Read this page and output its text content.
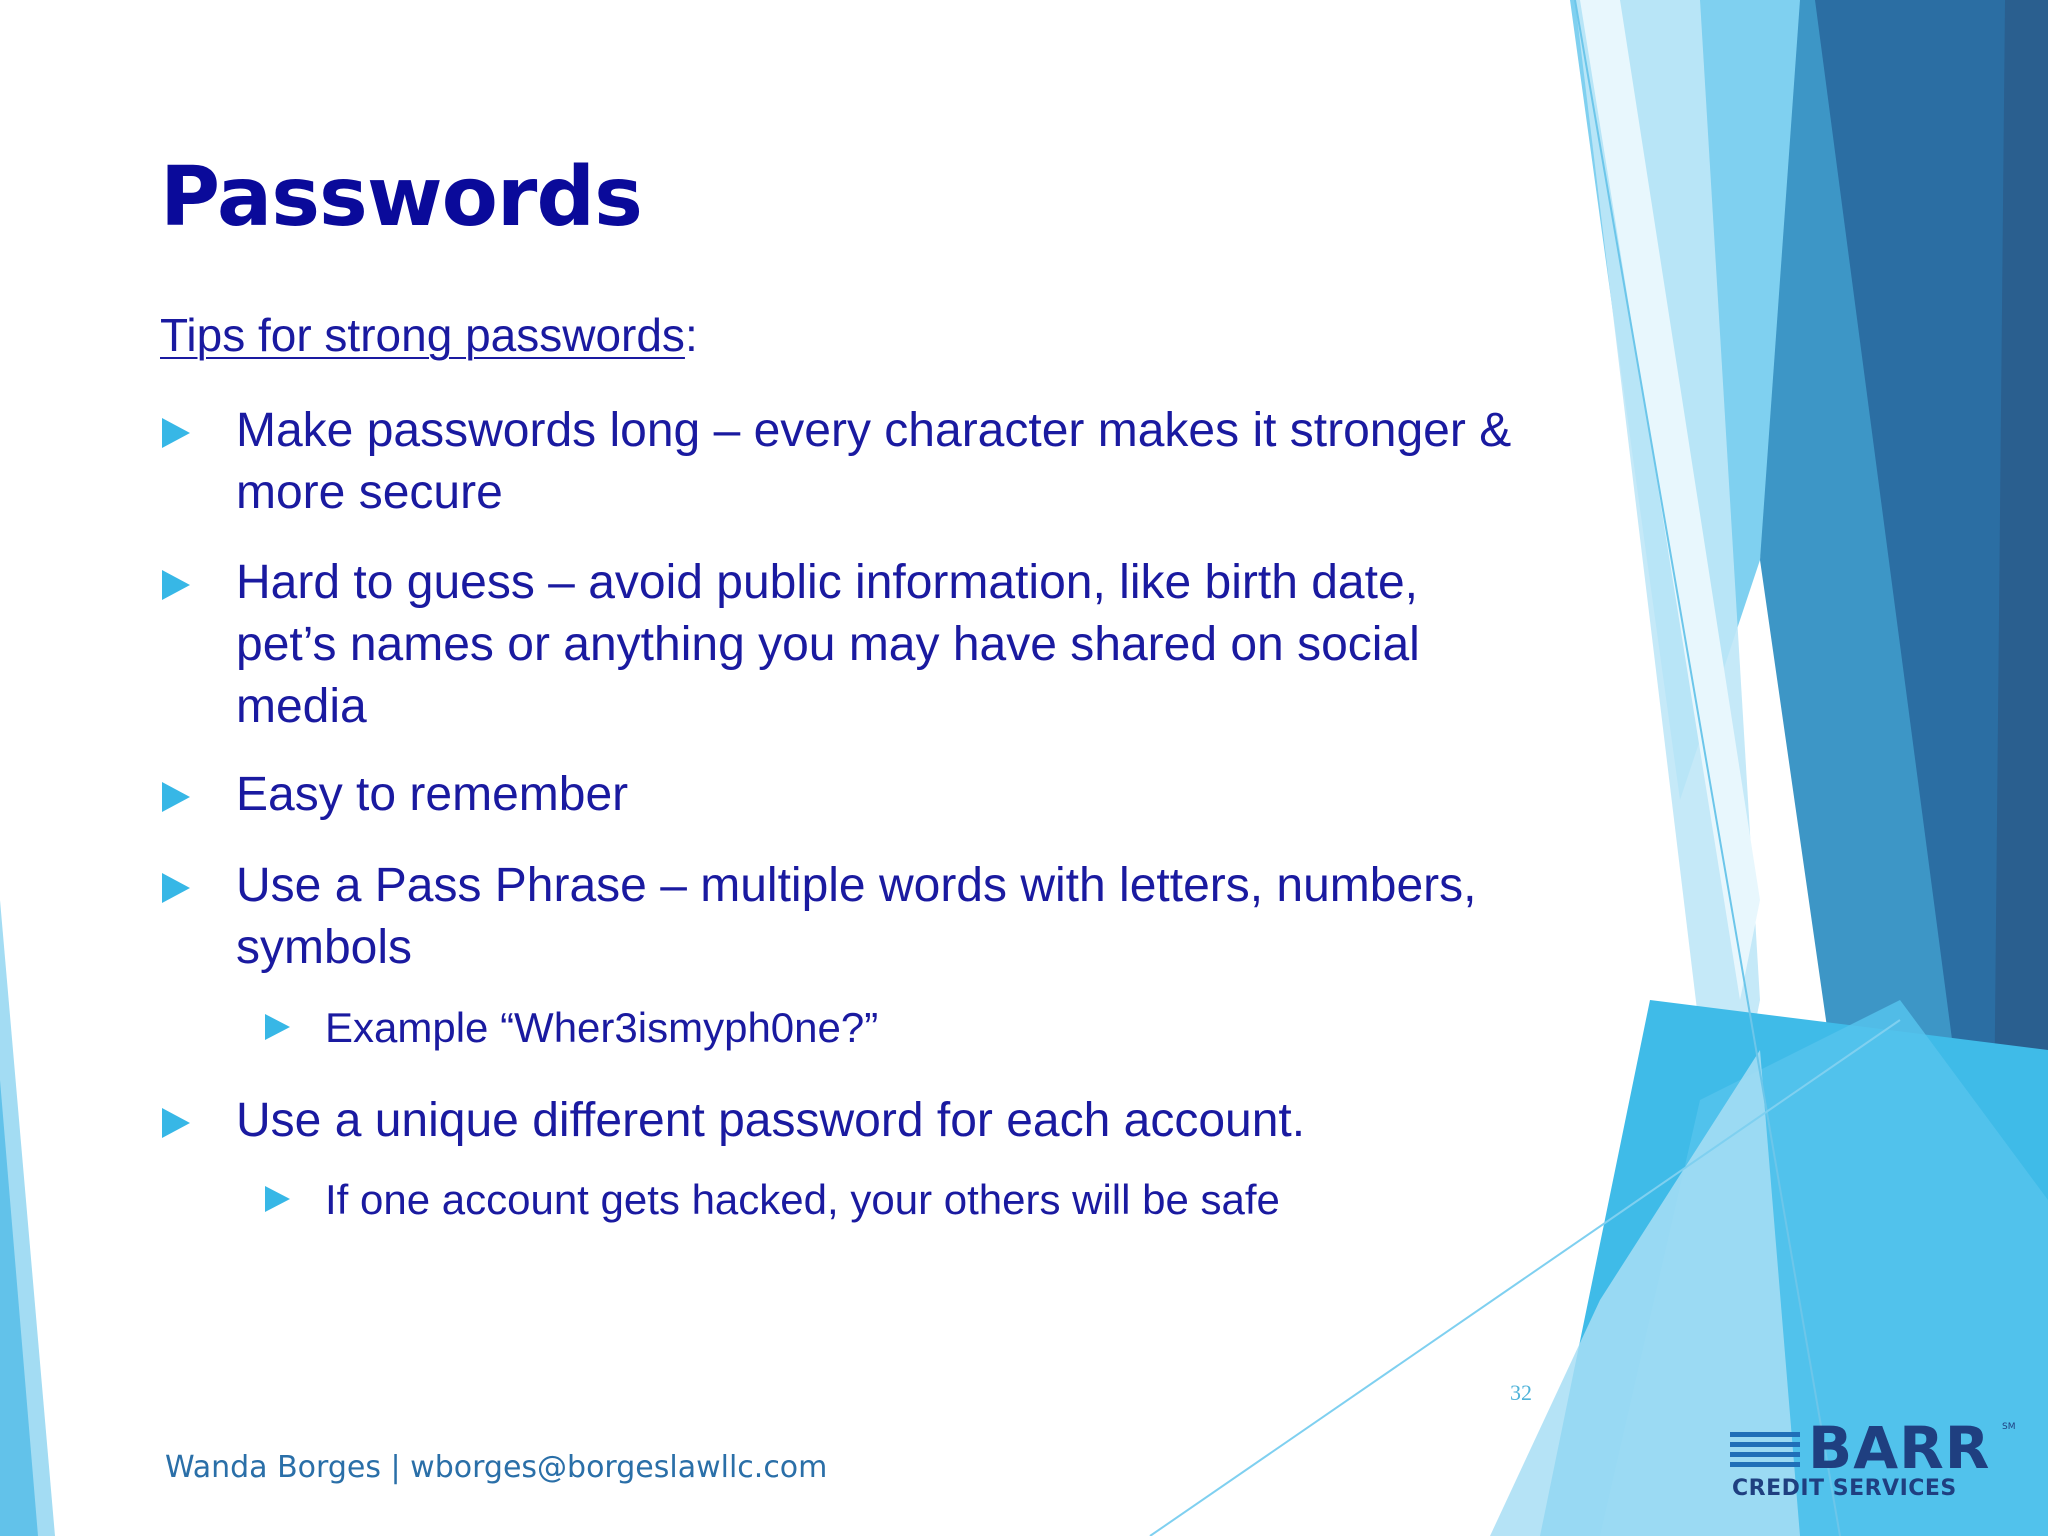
Passwords
Tips for strong passwords:
Make passwords long – every character makes it stronger & more secure
Hard to guess – avoid public information, like birth date, pet’s names or anything you may have shared on social media
Easy to remember
Use a Pass Phrase – multiple words with letters, numbers, symbols
Example “Wher3ismyph0ne?”
Use a unique different password for each account.
If one account gets hacked, your others will be safe
32
Wanda Borges | wborges@borgeslawllc.com	BARR SM
CREDIT SERVICES
